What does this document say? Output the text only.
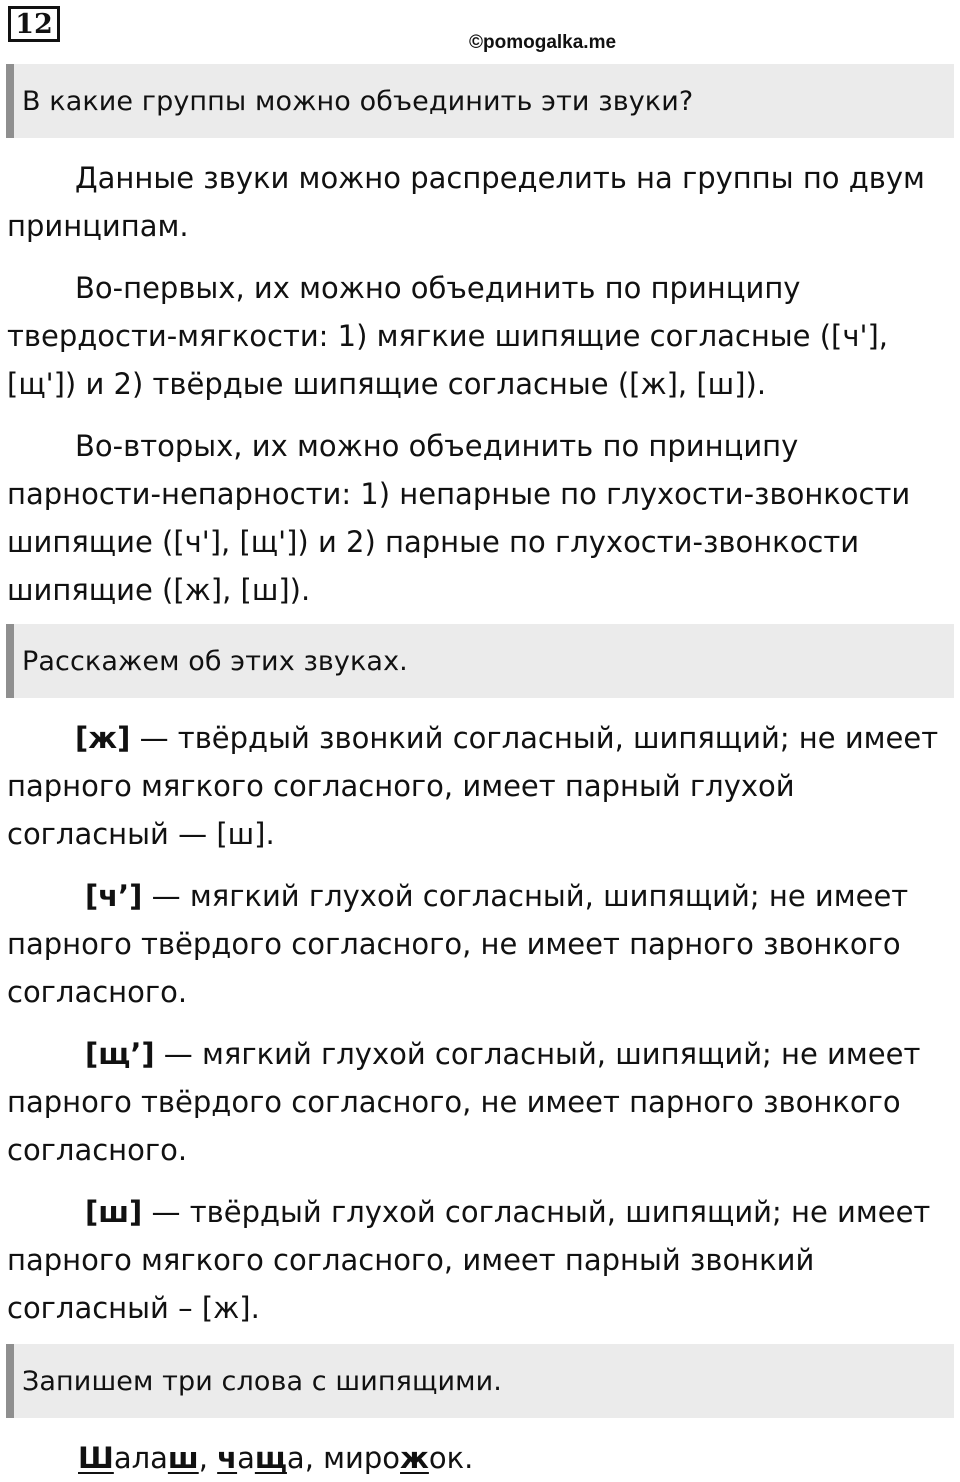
12
©pomogalka.me
В какие группы можно объединить эти звуки?

Данные звуки можно распределить на группы по двум принципам.

Во-первых, их можно объединить по принципу твердости-мягкости: 1) мягкие шипящие согласные ([ч'], [щ']) и 2) твёрдые шипящие согласные ([ж], [ш]).

Во-вторых, их можно объединить по принципу парности-непарности: 1) непарные по глухости-звонкости шипящие ([ч'], [щ']) и 2) парные по глухости-звонкости шипящие ([ж], [ш]).

Расскажем об этих звуках.

[ж] — твёрдый звонкий согласный, шипящий; не имеет парного мягкого согласного, имеет парный глухой согласный — [ш].

[ч’] — мягкий глухой согласный, шипящий; не имеет парного твёрдого согласного, не имеет парного звонкого согласного.

[щ’] — мягкий глухой согласный, шипящий; не имеет парного твёрдого согласного, не имеет парного звонкого согласного.

[ш] — твёрдый глухой согласный, шипящий; не имеет парного мягкого согласного, имеет парный звонкий согласный – [ж].

Запишем три слова с шипящими.
Шалаш, чаща, мирожок.
